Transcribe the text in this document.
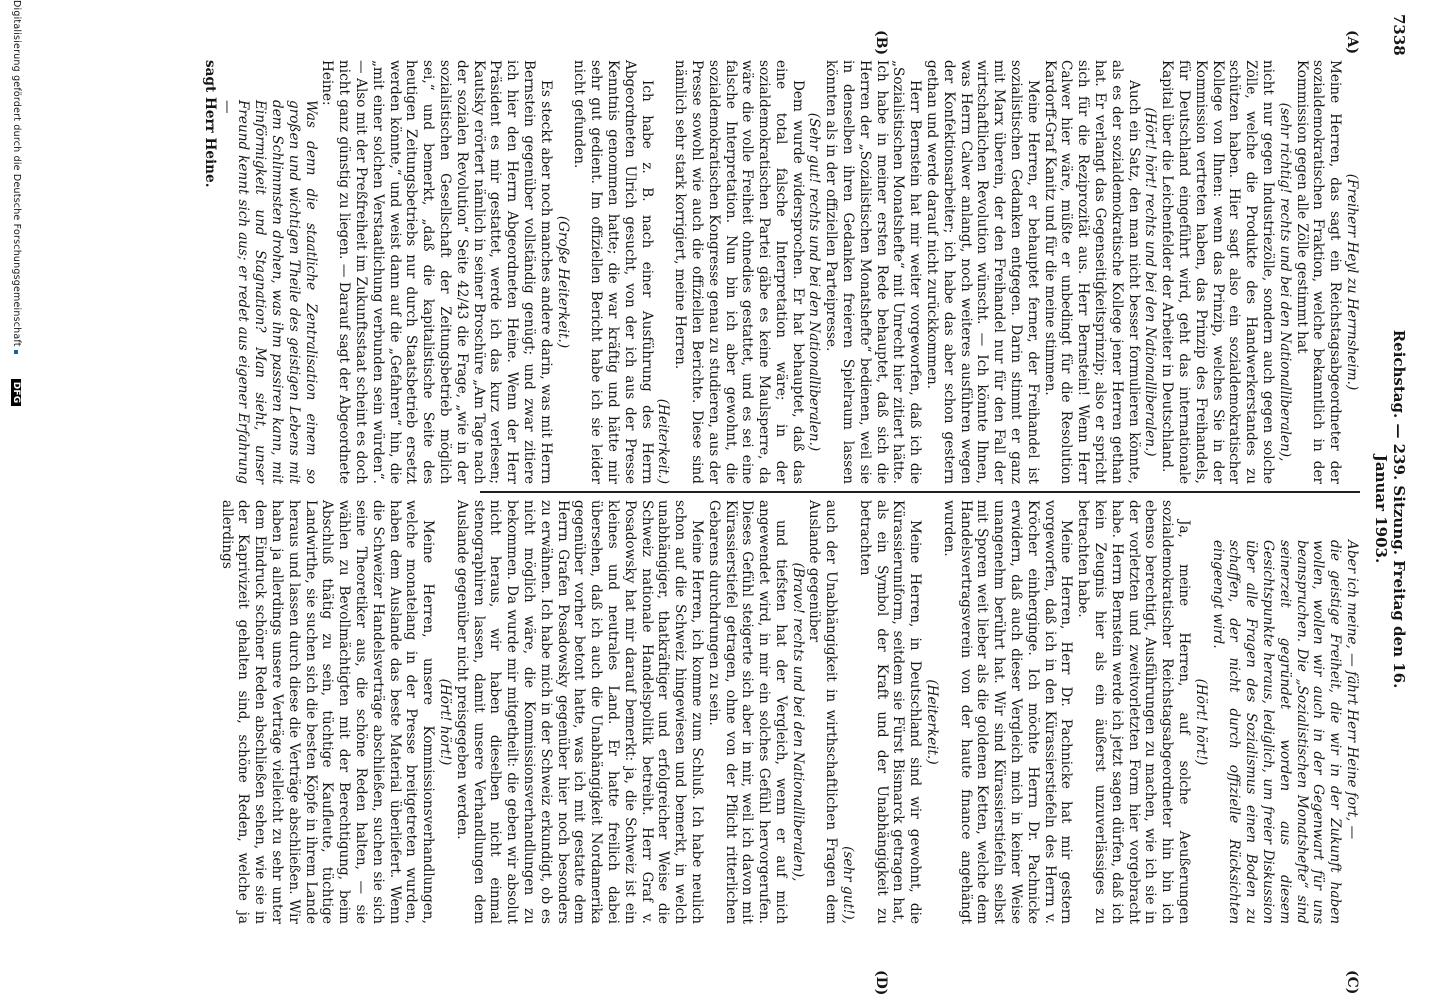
7338
Reichstag. — 239. Sitzung. Freitag den 16. Januar 1903.
(A)
(B)
(C)
(D)

(Freiherr Heyl zu Herrnsheim.)

Meine Herren, das sagt ein Reichstagsabgeordneter der sozialdemokratischen Fraktion, welche bekanntlich in der Kommission gegen alle Zölle gestimmt hat

(sehr richtig! rechts und bei den Nationalliberalen),

nicht nur gegen Industriezölle, sondern auch gegen solche Zölle, welche die Produkte des Handwerkerstandes zu schützen haben. Hier sagt also ein sozialdemokratischer Kollege von Ihnen: wenn das Prinzip, welches Sie in der Kommission vertreten haben, das Prinzip des Freihandels, für Deutschland eingeführt wird, geht das internationale Kapital über die Leichenfelder der Arbeiter in Deutschland.

(Hört! hört! rechts und bei den Nationalliberalen.)

Auch ein Satz, den man nicht besser formulieren könnte, als es der sozialdemokratische Kollege jener Herren gethan hat. Er verlangt das Gegenseitigkeitsprinzip; also er spricht sich für die Reziprozität aus. Herr Bernstein! Wenn Herr Calwer hier wäre, müßte er unbedingt für die Resolution Kardorff-Graf Kanitz und für die meine stimmen.

Meine Herren, er behauptet ferner, der Freihandel ist sozialistischen Gedanken entgegen. Darin stimmt er ganz mit Marx überein, der den Freihandel nur für den Fall der wirtschaftlichen Revolution wünscht. — Ich könnte Ihnen, was Herrn Calwer anlangt, noch weiteres ausführen wegen der Konfektionsarbeiter; ich habe das aber schon gestern gethan und werde darauf nicht zurückkommen.

Herr Bernstein hat mir weiter vorgeworfen, daß ich die „Sozialistischen Monatshefte“ mit Unrecht hier zitiert hätte. Ich habe in meiner ersten Rede behauptet, daß sich die Herren der „Sozialistischen Monatshefte“ bedienen, weil sie in denselben ihren Gedanken freieren Spielraum lassen könnten als in der offiziellen Parteipresse.

(Sehr gut! rechts und bei den Nationalliberalen.)

Dem wurde widersprochen. Er hat behauptet, daß das eine total falsche Interpretation wäre; in der sozialdemokratischen Partei gäbe es keine Maulsperre, da wäre die volle Freiheit ohnedies gestattet, und es sei eine falsche Interpretation. Nun bin ich aber gewohnt, die sozialdemokratischen Kongresse genau zu studieren, aus der Presse sowohl wie auch die offiziellen Berichte. Diese sind nämlich sehr stark korrigiert, meine Herren.

(Heiterkeit.)

Ich habe z. B. nach einer Ausführung des Herrn Abgeordneten Ulrich gesucht, von der ich aus der Presse Kenntnis genommen hatte; die war kräftig und hätte mir sehr gut gedient. Im offiziellen Bericht habe ich sie leider nicht gefunden.

(Große Heiterkeit.)

Es steckt aber noch manches andere darin, was mit Herrn Bernstein gegenüber vollständig genügt; und zwar zitiere ich hier den Herrn Abgeordneten Heine. Wenn der Herr Präsident es mir gestattet, werde ich das kurz verlesen; Kautsky erörtert nämlich in seiner Broschüre „Am Tage nach der sozialen Revolution“ Seite 42/43 die Frage, „wie in der sozialistischen Gesellschaft der Zeitungsbetrieb möglich sei,“ und bemerkt, „daß die kapitalistische Seite des heutigen Zeitungsbetriebs nur durch Staatsbetrieb ersetzt werden könnte,“ und weist dann auf die „Gefahren“ hin, die „mit einer solchen Verstaatlichung verbunden sein würden“. — Also mit der Preßfreiheit im Zukunftsstaat scheint es doch nicht ganz günstig zu liegen. — Darauf sagt der Abgeordnete Heine:

Was denn die staatliche Zentralisation einem so großen und wichtigen Theile des geistigen Lebens mit dem Schlimmsten drohen, was ihm passiren kann, mit Einförmigkeit und Stagnation? Man sieht, unser Freund kennt sich aus; er redet aus eigener Erfahrung —

sagt Herr Heine.

Aber ich meine, — fährt Herr Heine fort, —

die geistige Freiheit, die wir in der Zukunft haben wollen, wollen wir auch in der Gegenwart für uns beanspruchen. Die „Sozialistischen Monatshefte“ sind seinerzeit gegründet worden aus diesem Gesichtspunkte heraus, lediglich, um freier Diskussion über alle Fragen des Sozialismus einen Boden zu schaffen, der nicht durch offizielle Rücksichten eingeengt wird.

(Hört! hört!)

Ja, meine Herren, auf solche Aeußerungen sozialdemokratischer Reichstagsabgeordneter hin bin ich ebenso berechtigt, Ausführungen zu machen, wie ich sie in der vorletzten und zweitvorletzten Form hier vorgebracht habe. Herrn Bernstein werde ich jetzt sagen dürfen, daß ich kein Zeugnis hier als ein äußerst unzuverlässiges zu betrachten habe.

Meine Herren, Herr Dr. Pachnicke hat mir gestern vorgeworfen, daß ich in den Kürassierstiefeln des Herrn v. Kröcher einherginge. Ich möchte Herrn Dr. Pachnicke erwidern, daß auch dieser Vergleich mich in keiner Weise unangenehm berührt hat. Wir sind Kürassierstiefeln selbst mit Sporen weit lieber als die goldenen Ketten, welche dem Handelsvertragsverein von der haute finance angehängt wurden.

(Heiterkeit.)

Meine Herren, in Deutschland sind wir gewohnt, die Kürassieruniform, seitdem sie Fürst Bismarck getragen hat, als ein Symbol der Kraft und der Unabhängigkeit zu betrachten

(sehr gut!),

auch der Unabhängigkeit in wirthschaftlichen Fragen dem Auslande gegenüber

(Bravo! rechts und bei den Nationalliberalen),

und tiefsten hat der Vergleich, wenn er auf mich angewendet wird, in mir ein solches Gefühl hervorgerufen. Dieses Gefühl steigerte sich aber in mir, weil ich davon mit Kürassierstiefel getragen, ohne von der Pflicht ritterlichen Gebarens durchdrungen zu sein.

Meine Herren, ich komme zum Schluß. Ich habe neulich schon auf die Schweiz hingewiesen und bemerkt, in welch unabhängiger, thatkräftiger und erfolgreicher Weise die Schweiz nationale Handelspolitik betreibt. Herr Graf v. Posadowsky hat mir darauf bemerkt: ja, die Schweiz ist ein kleines und neutrales Land. Er hatte freilich dabei übersehen, daß ich auch die Unabhängigkeit Nordamerika gegenüber vorher betont hatte, was ich mit gestatte dem Herrn Grafen Posadowsky gegenüber hier noch besonders zu erwähnen. Ich habe mich in der Schweiz erkundigt, ob es nicht möglich wäre, die Kommissionsverhandlungen zu bekommen. Da wurde mir mitgetheilt: die geben wir absolut nicht heraus, wir haben dieselben nicht einmal stenographiren lassen, damit unsere Verhandlungen dem Auslande gegenüber nicht preisgegeben werden.

(Hört! hört!)

Meine Herren, unsere Kommissionsverhandlungen, welche monatelang in der Presse breitgetreten wurden, haben dem Auslande das beste Material überliefert. Wenn die Schweizer Handelsverträge abschließen, suchen sie sich seine Theoretiker aus, die schöne Reden halten, — sie wählen zu Bevollmächtigten mit der Berechtigung, beim Abschluß thätig zu sein, tüchtige Kaufleute, tüchtige Landwirthe, sie suchen sich die besten Köpfe in ihrem Lande heraus und lassen durch diese die Verträge abschließen. Wir haben ja allerdings unsere Verträge vielleicht zu sehr unter dem Eindruck schöner Reden abschließen sehen, wie sie in der Kaprivizeit gehalten sind, schöne Reden, welche ja allerdings

Digitalisierung gefördert durch die Deutsche ForschungsgemeinschaftDFG
